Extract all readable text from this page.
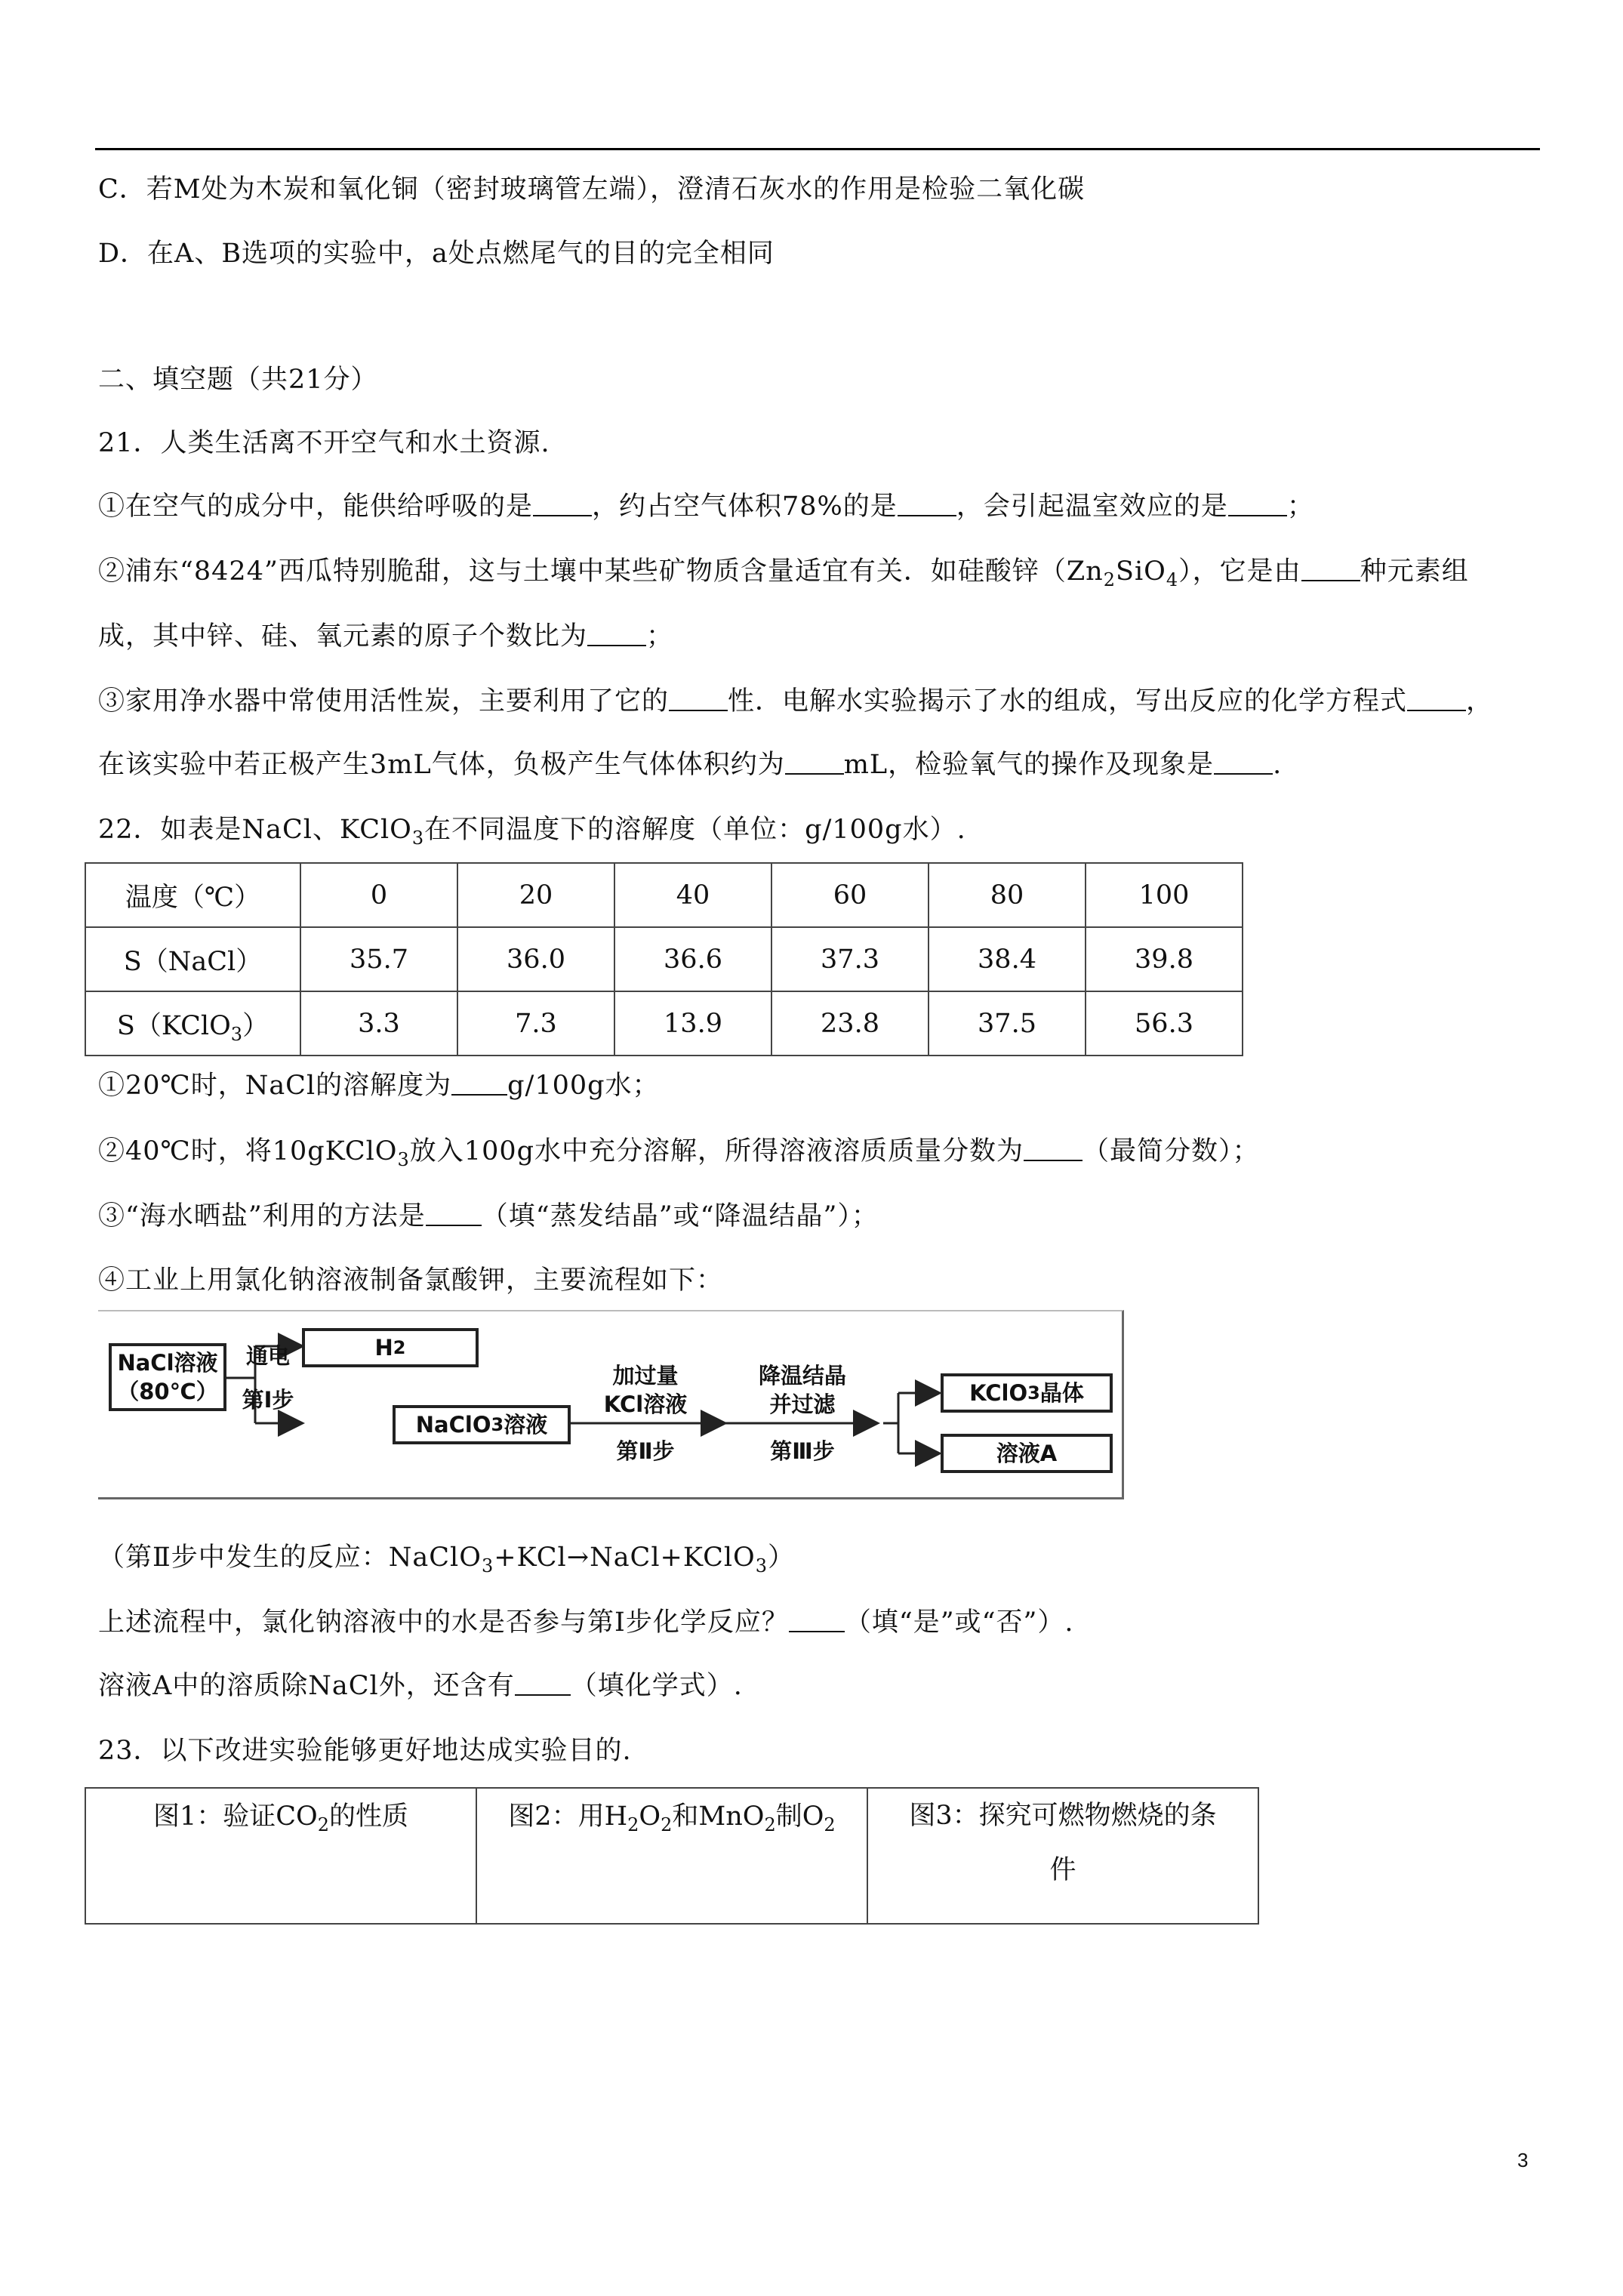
C．若M处为木炭和氧化铜（密封玻璃管左端），澄清石灰水的作用是检验二氧化碳
D．在A、B选项的实验中，a处点燃尾气的目的完全相同
二、填空题（共21分）
21．人类生活离不开空气和水土资源.
①在空气的成分中，能供给呼吸的是 ，约占空气体积78%的是 ，会引起温室效应的是 ；
②浦东“8424”西瓜特别脆甜，这与土壤中某些矿物质含量适宜有关．如硅酸锌$(Zn_2SiO_4)$，它是由 种元素组
成，其中锌、硅、氧元素的原子个数比为 ；
③家用净水器中常使用活性炭，主要利用了它的 性．电解水实验揭示了水的组成，写出反应的化学方程式 ，
在该实验中若正极产生3mL气体，负极产生气体体积约为 mL，检验氧气的操作及现象是 .
22．如表是NaCl、KClO$_3$在不同温度下的溶解度（单位：g/100g水）.
温度（℃）	0	20	40	60	80	100
S（NaCl）	35.7	36.0	36.6	37.3	38.4	39.8
S（KClO$_3$）	3.3	7.3	13.9	23.8	37.5	56.3
①20℃时，NaCl的溶解度为 g/100g水；
②40℃时，将10gKClO$_3$放入100g水中充分溶解，所得溶液溶质质量分数为 （最简分数）；
③“海水晒盐”利用的方法是 （填“蒸发结晶”或“降温结晶”）；
④工业上用氯化钠溶液制备氯酸钾，主要流程如下：
NaCl溶液
（80℃）
通电
第Ⅰ步
H 2
NaClO 3 溶液
加过量
KCl溶液
第Ⅱ步
降温结晶
并过滤
第Ⅲ步
KClO 3 晶体
溶液A
（第Ⅱ步中发生的反应：NaClO$_3$+KCl→NaCl+KClO$_3$）
上述流程中，氯化钠溶液中的水是否参与第Ⅰ步化学反应？ （填“是”或“否”）.
溶液A中的溶质除NaCl外，还含有 （填化学式）.
23．以下改进实验能够更好地达成实验目的.
图1：验证$CO_2$的性质	图2：用$H_2O_2$和MnO$_2$制$O_2$	图3：探究可燃物燃烧的条
件
3
